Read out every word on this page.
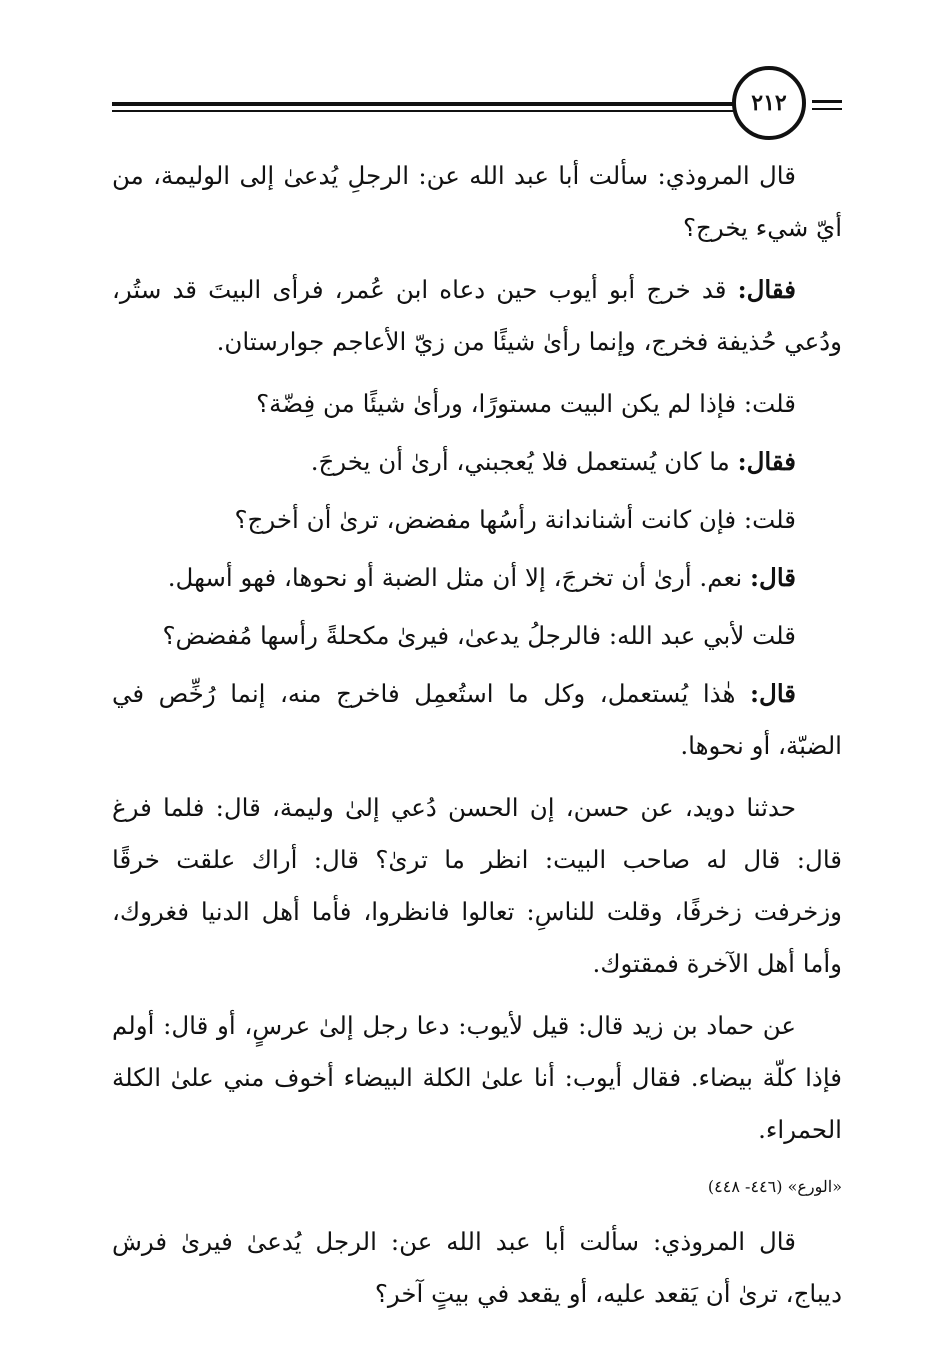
٢١٢

قال المروذي: سألت أبا عبد الله عن: الرجلِ يُدعىٰ إلى الوليمة، من أيّ شيء يخرج؟

فقال: قد خرج أبو أيوب حين دعاه ابن عُمر، فرأى البيتَ قد ستُر، ودُعي حُذيفة فخرج، وإنما رأىٰ شيئًا من زيّ الأعاجم جوارستان.

قلت: فإذا لم يكن البيت مستورًا، ورأىٰ شيئًا من فِضّة؟

فقال: ما كان يُستعمل فلا يُعجبني، أرىٰ أن يخرجَ.

قلت: فإن كانت أشناندانة رأسُها مفضض، ترىٰ أن أخرج؟

قال: نعم. أرىٰ أن تخرجَ، إلا أن مثل الضبة أو نحوها، فهو أسهل.

قلت لأبي عبد الله: فالرجلُ يدعىٰ، فيرىٰ مكحلةً رأسها مُفضض؟

قال: هٰذا يُستعمل، وكل ما استُعمِل فاخرج منه، إنما رُخِّص في الضبّة، أو نحوها.

حدثنا دويد، عن حسن، إن الحسن دُعي إلىٰ وليمة، قال: فلما فرغ قال: قال له صاحب البيت: انظر ما ترىٰ؟ قال: أراك علقت خرقًا وزخرفت زخرفًا، وقلت للناسِ: تعالوا فانظروا، فأما أهل الدنيا فغروك، وأما أهل الآخرة فمقتوك.

عن حماد بن زيد قال: قيل لأيوب: دعا رجل إلىٰ عرسٍ، أو قال: أولم فإذا كلّة بيضاء. فقال أيوب: أنا علىٰ الكلة البيضاء أخوف مني علىٰ الكلة الحمراء.

«الورع» (٤٤٦- ٤٤٨)

قال المروذي: سألت أبا عبد الله عن: الرجل يُدعىٰ فيرىٰ فرش ديباج، ترىٰ أن يَقعد عليه، أو يقعد في بيتٍ آخر؟
